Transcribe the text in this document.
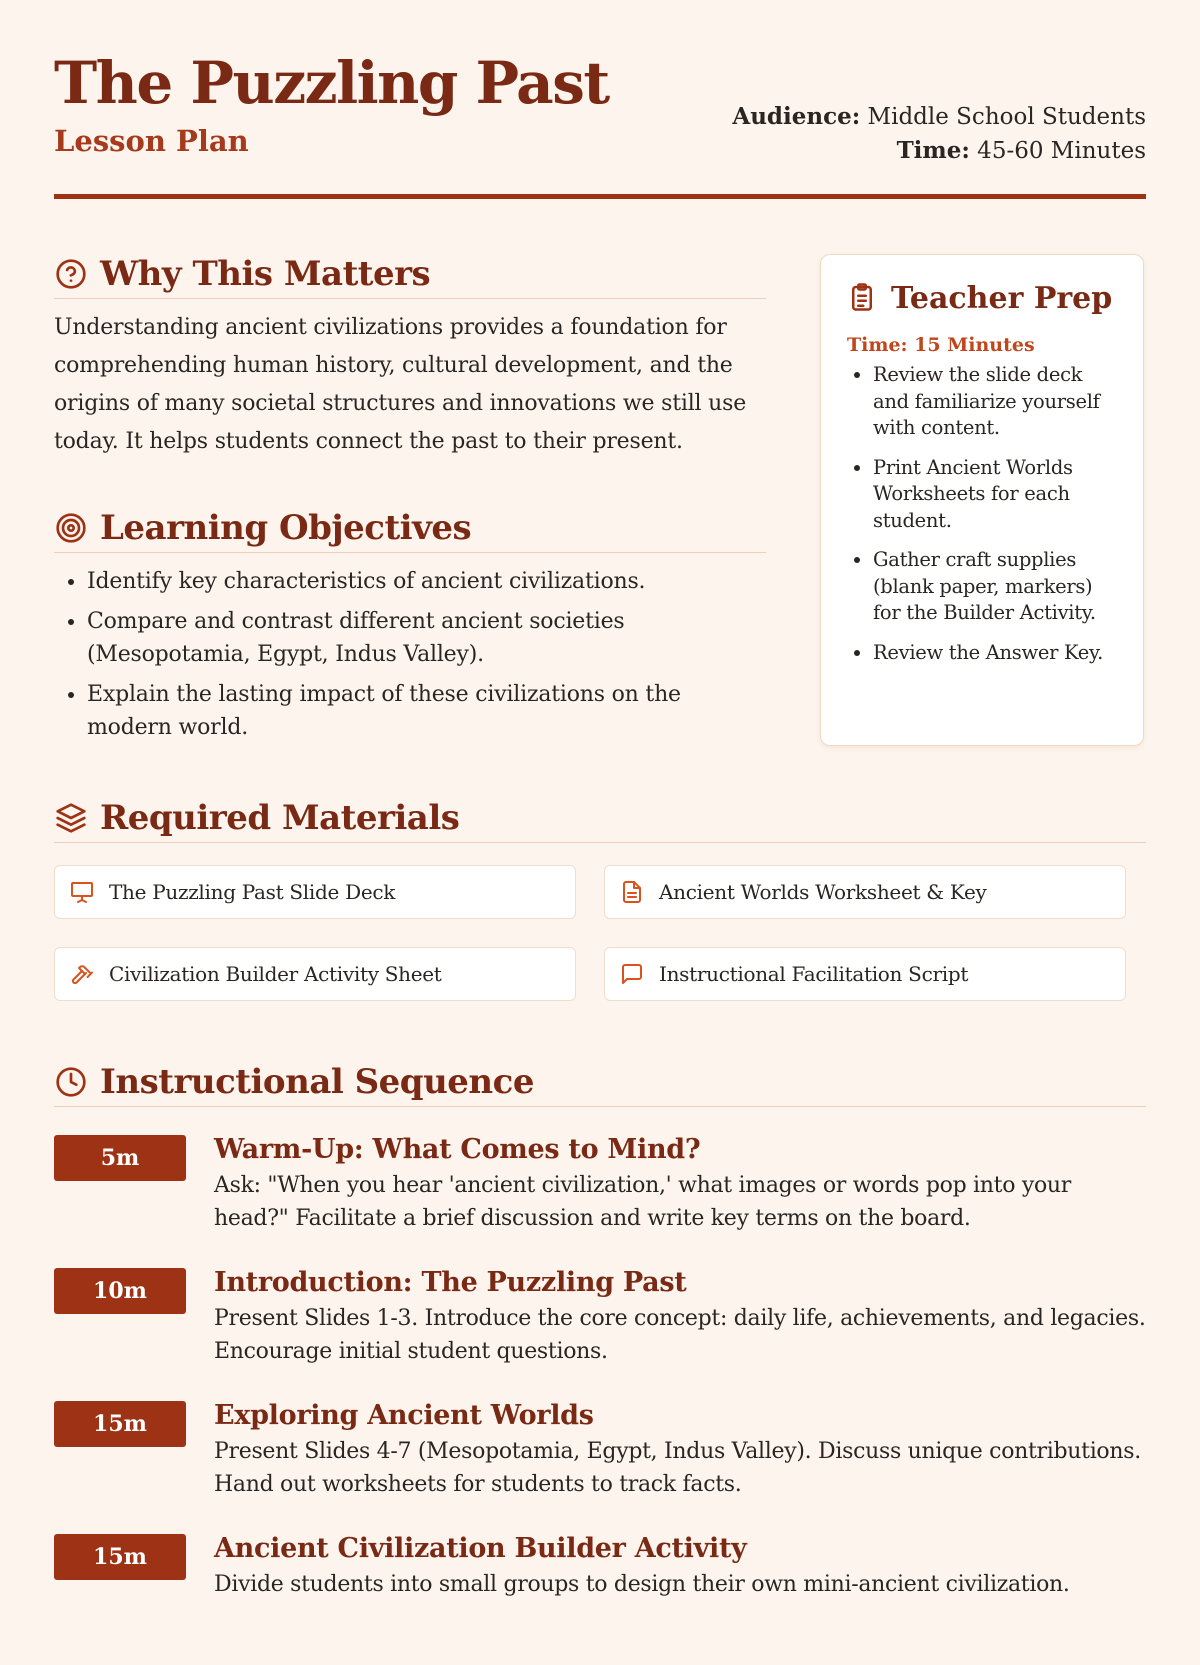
The Puzzling Past
Lesson Plan
Audience: Middle School Students
Time: 45-60 Minutes
Why This Matters

Understanding ancient civilizations provides a foundation for comprehending human history, cultural development, and the origins of many societal structures and innovations we still use today. It helps students connect the past to their present.

Learning Objectives
• Identify key characteristics of ancient civilizations.
• Compare and contrast different ancient societies (Mesopotamia, Egypt, Indus Valley).
• Explain the lasting impact of these civilizations on the modern world.
Teacher Prep
Time: 15 Minutes
• Review the slide deck and familiarize yourself with content.
• Print Ancient Worlds Worksheets for each student.
• Gather craft supplies (blank paper, markers) for the Builder Activity.
• Review the Answer Key.
Required Materials
The Puzzling Past Slide Deck	Ancient Worlds Worksheet & Key
Civilization Builder Activity Sheet	Instructional Facilitation Script
Instructional Sequence
5m	Warm-Up: What Comes to Mind?
Ask: "When you hear 'ancient civilization,' what images or words pop into your head?" Facilitate a brief discussion and write key terms on the board.
10m	Introduction: The Puzzling Past
Present Slides 1-3. Introduce the core concept: daily life, achievements, and legacies. Encourage initial student questions.
15m	Exploring Ancient Worlds
Present Slides 4-7 (Mesopotamia, Egypt, Indus Valley). Discuss unique contributions. Hand out worksheets for students to track facts.
15m	Ancient Civilization Builder Activity
Divide students into small groups to design their own mini-ancient civilization.
